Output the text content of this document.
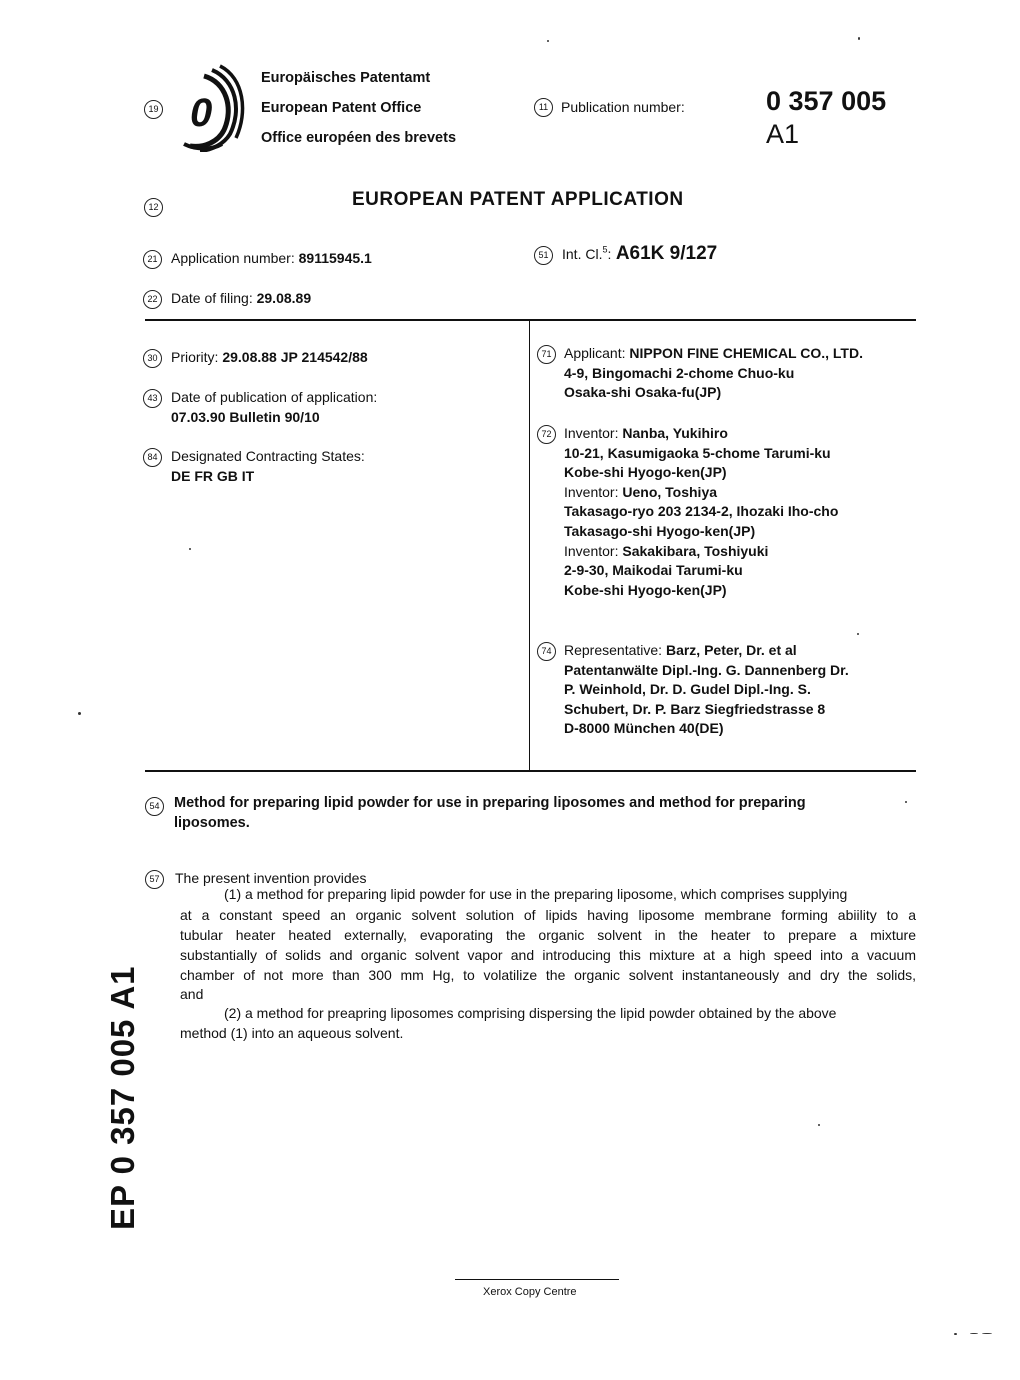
19 0
Europäisches Patentamt
European Patent Office
Office européen des brevets
11 Publication number:	0 357 005
A1
12	EUROPEAN PATENT APPLICATION
21 Application number: 89115945.1	51 Int. Cl.$^5$: A61K 9/127
22 Date of filing: 29.08.89
30 Priority: 29.08.88 JP 214542/88
43 Date of publication of application:
07.03.90 Bulletin 90/10
84 Designated Contracting States:
DE FR GB IT
71 Applicant: NIPPON FINE CHEMICAL CO., LTD.
4-9, Bingomachi 2-chome Chuo-ku
Osaka-shi Osaka-fu(JP)
72 Inventor: Nanba, Yukihiro
10-21, Kasumigaoka 5-chome Tarumi-ku
Kobe-shi Hyogo-ken(JP)
Inventor: Ueno, Toshiya
Takasago-ryo 203 2134-2, Ihozaki Iho-cho
Takasago-shi Hyogo-ken(JP)
Inventor: Sakakibara, Toshiyuki
2-9-30, Maikodai Tarumi-ku
Kobe-shi Hyogo-ken(JP)
74 Representative: Barz, Peter, Dr. et al
Patentanwälte Dipl.-Ing. G. Dannenberg Dr.
P. Weinhold, Dr. D. Gudel Dipl.-Ing. S.
Schubert, Dr. P. Barz Siegfriedstrasse 8
D-8000 München 40(DE)
54	Method for preparing lipid powder for use in preparing liposomes and method for preparing
liposomes.
57	The present invention provides
(1) a method for preparing lipid powder for use in the preparing liposome, which comprises supplying
at a constant speed an organic solvent solution of lipids having liposome membrane forming abiility to a
tubular heater heated externally, evaporating the organic solvent in the heater to prepare a mixture
substantially of solids and organic solvent vapor and introducing this mixture at a high speed into a vacuum
chamber of not more than 300 mm Hg, to volatilize the organic solvent instantaneously and dry the solids,
and
(2) a method for preapring liposomes comprising dispersing the lipid powder obtained by the above
method (1) into an aqueous solvent.
EP 0 357 005 A1
Xerox Copy Centre
